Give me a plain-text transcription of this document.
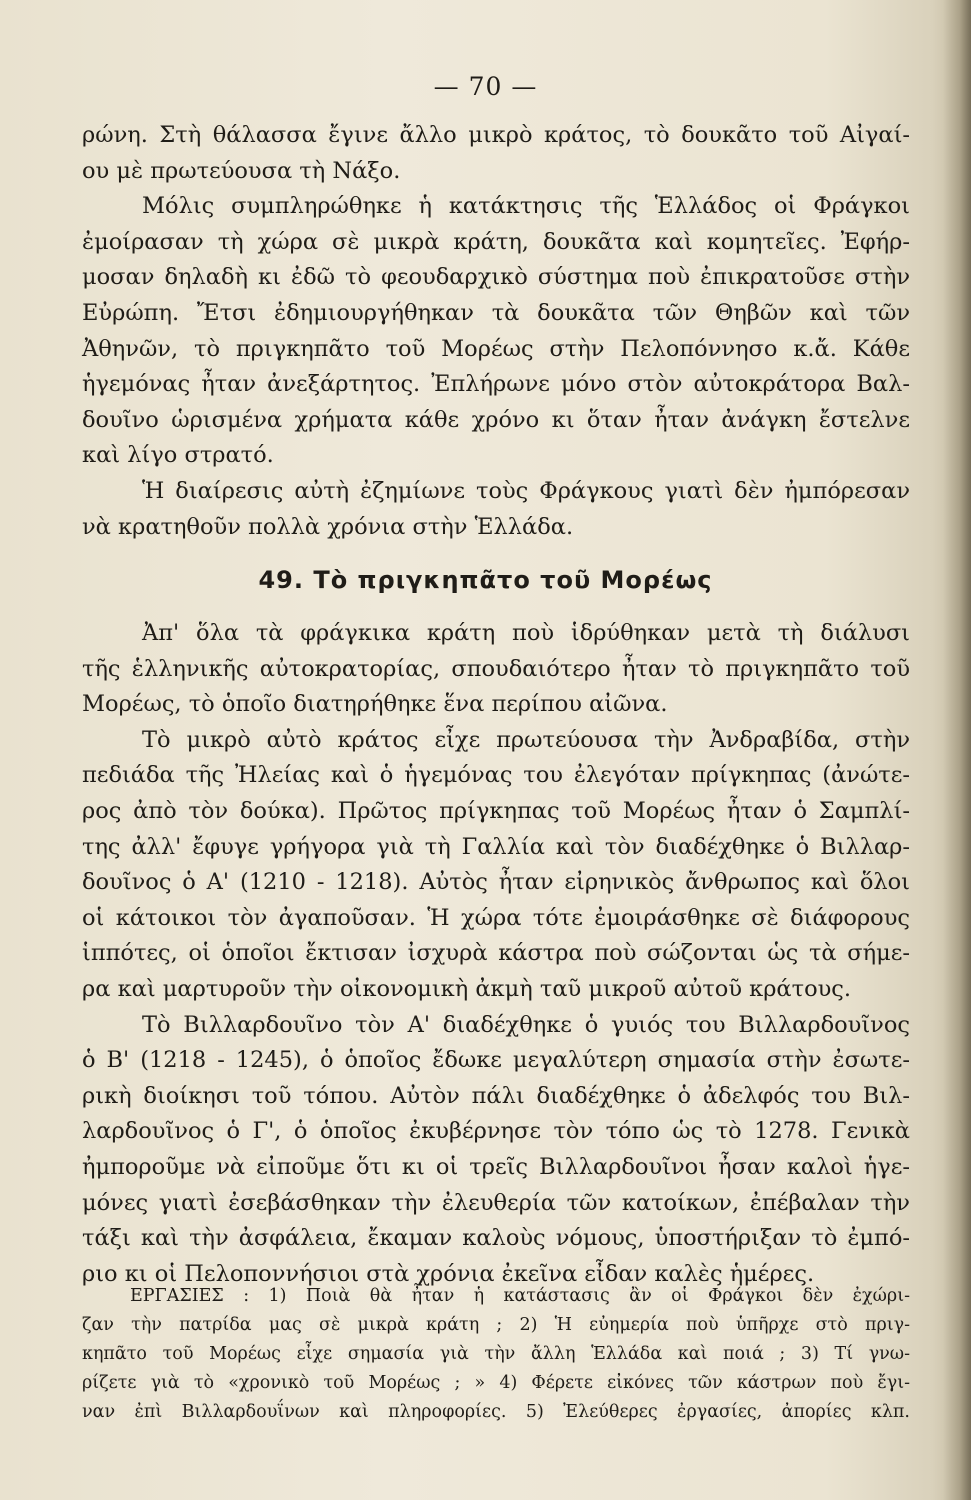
— 70 —
ρώνη. Στὴ θάλασσα ἔγινε ἄλλο μικρὸ κράτος, τὸ δουκᾶτο τοῦ Αἰγαί-
ου μὲ πρωτεύουσα τὴ Νάξο.
Μόλις συμπληρώθηκε ἡ κατάκτησις τῆς Ἑλλάδος οἱ Φράγκοι
ἐμοίρασαν τὴ χώρα σὲ μικρὰ κράτη, δουκᾶτα καὶ κομητεῖες. Ἐφήρ-
μοσαν δηλαδὴ κι ἐδῶ τὸ φεουδαρχικὸ σύστημα ποὺ ἐπικρατοῦσε στὴν
Εὐρώπη. Ἔτσι ἐδημιουργήθηκαν τὰ δουκᾶτα τῶν Θηβῶν καὶ τῶν
Ἀθηνῶν, τὸ πριγκηπᾶτο τοῦ Μορέως στὴν Πελοπόννησο κ.ἄ. Κάθε
ἡγεμόνας ἦταν ἀνεξάρτητος. Ἐπλήρωνε μόνο στὸν αὐτοκράτορα Βαλ-
δουῖνο ὡρισμένα χρήματα κάθε χρόνο κι ὅταν ἦταν ἀνάγκη ἔστελνε
καὶ λίγο στρατό.
Ἡ διαίρεσις αὐτὴ ἐζημίωνε τοὺς Φράγκους γιατὶ δὲν ἠμπόρεσαν
νὰ κρατηθοῦν πολλὰ χρόνια στὴν Ἑλλάδα.
49. Τὸ πριγκηπᾶτο τοῦ Μορέως
Ἀπ' ὅλα τὰ φράγκικα κράτη ποὺ ἱδρύθηκαν μετὰ τὴ διάλυσι
τῆς ἑλληνικῆς αὐτοκρατορίας, σπουδαιότερο ἦταν τὸ πριγκηπᾶτο τοῦ
Μορέως, τὸ ὁποῖο διατηρήθηκε ἕνα περίπου αἰῶνα.
Τὸ μικρὸ αὐτὸ κράτος εἶχε πρωτεύουσα τὴν Ἀνδραβίδα, στὴν
πεδιάδα τῆς Ἠλείας καὶ ὁ ἡγεμόνας του ἐλεγόταν πρίγκηπας (ἀνώτε-
ρος ἀπὸ τὸν δούκα). Πρῶτος πρίγκηπας τοῦ Μορέως ἦταν ὁ Σαμπλί-
της ἀλλ' ἔφυγε γρήγορα γιὰ τὴ Γαλλία καὶ τὸν διαδέχθηκε ὁ Βιλλαρ-
δουῖνος ὁ Α' (1210 - 1218). Αὐτὸς ἦταν εἰρηνικὸς ἄνθρωπος καὶ ὅλοι
οἱ κάτοικοι τὸν ἀγαποῦσαν. Ἡ χώρα τότε ἐμοιράσθηκε σὲ διάφορους
ἱππότες, οἱ ὁποῖοι ἔκτισαν ἰσχυρὰ κάστρα ποὺ σώζονται ὡς τὰ σήμε-
ρα καὶ μαρτυροῦν τὴν οἰκονομικὴ ἀκμὴ ταῦ μικροῦ αὐτοῦ κράτους.
Τὸ Βιλλαρδουῖνο τὸν Α' διαδέχθηκε ὁ γυιός του Βιλλαρδουῖνος
ὁ Β' (1218 - 1245), ὁ ὁποῖος ἔδωκε μεγαλύτερη σημασία στὴν ἐσωτε-
ρικὴ διοίκησι τοῦ τόπου. Αὐτὸν πάλι διαδέχθηκε ὁ ἀδελφός του Βιλ-
λαρδουῖνος ὁ Γ', ὁ ὁποῖος ἐκυβέρνησε τὸν τόπο ὡς τὸ 1278. Γενικὰ
ἠμποροῦμε νὰ εἰποῦμε ὅτι κι οἱ τρεῖς Βιλλαρδουῖνοι ἦσαν καλοὶ ἡγε-
μόνες γιατὶ ἐσεβάσθηκαν τὴν ἐλευθερία τῶν κατοίκων, ἐπέβαλαν τὴν
τάξι καὶ τὴν ἀσφάλεια, ἔκαμαν καλοὺς νόμους, ὑποστήριξαν τὸ ἐμπό-
ριο κι οἱ Πελοποννήσιοι στὰ χρόνια ἐκεῖνα εἶδαν καλὲς ἡμέρες.
ΕΡΓΑΣΙΕΣ : 1) Ποιὰ θὰ ἦταν ἡ κατάστασις ἂν οἱ Φράγκοι δὲν ἐχώρι-
ζαν τὴν πατρίδα μας σὲ μικρὰ κράτη ; 2) Ἡ εὐημερία ποὺ ὑπῆρχε στὸ πριγ-
κηπᾶτο τοῦ Μορέως εἶχε σημασία γιὰ τὴν ἄλλη Ἑλλάδα καὶ ποιά ; 3) Τί γνω-
ρίζετε γιὰ τὸ «χρονικὸ τοῦ Μορέως ; » 4) Φέρετε εἰκόνες τῶν κάστρων ποὺ ἔγι-
ναν ἐπὶ Βιλλαρδουΐνων καὶ πληροφορίες. 5) Ἐλεύθερες ἐργασίες, ἀπορίες κλπ.
